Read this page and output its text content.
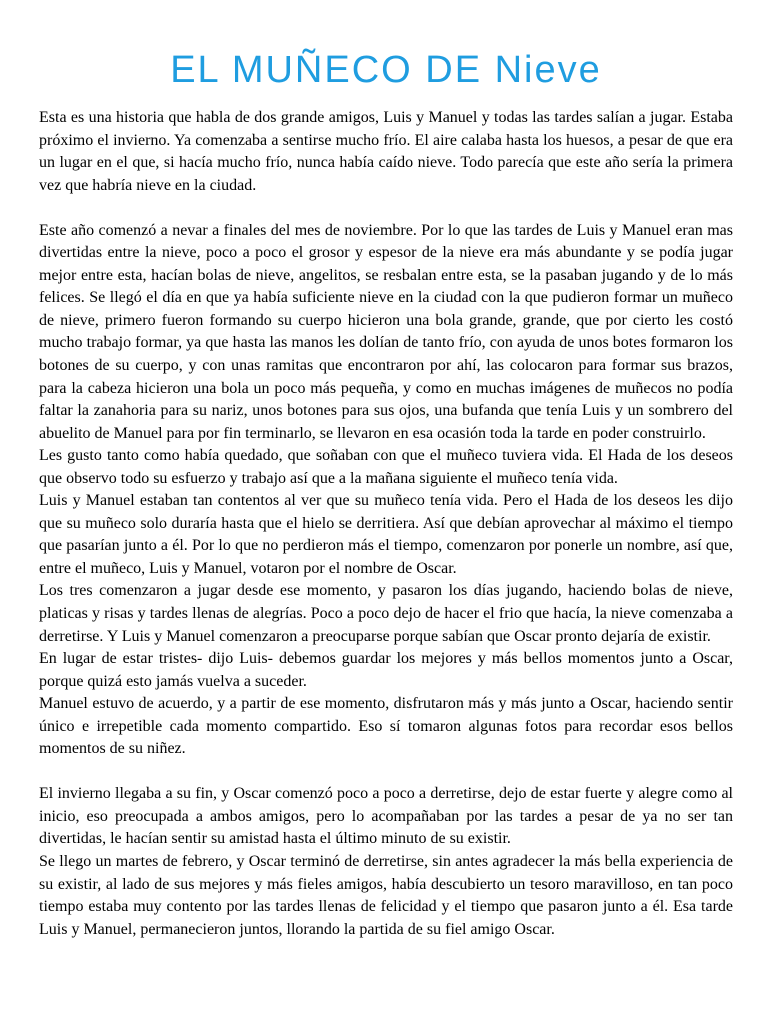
EL MUÑECO DE Nieve

Esta es una historia que habla de dos grande amigos, Luis y Manuel y todas las tardes salían a jugar. Estaba próximo el invierno. Ya comenzaba a sentirse mucho frío. El aire calaba hasta los huesos, a pesar de que era un lugar en el que, si hacía mucho frío, nunca había caído nieve. Todo parecía que este año sería la primera vez que habría nieve en la ciudad.

Este año comenzó a nevar a finales del mes de noviembre. Por lo que las tardes de Luis y Manuel eran mas divertidas entre la nieve, poco a poco el grosor y espesor de la nieve era más abundante y se podía jugar mejor entre esta, hacían bolas de nieve, angelitos, se resbalan entre esta, se la pasaban jugando y de lo más felices. Se llegó el día en que ya había suficiente nieve en la ciudad con la que pudieron formar un muñeco de nieve, primero fueron formando su cuerpo hicieron una bola grande, grande, que por cierto les costó mucho trabajo formar, ya que hasta las manos les dolían de tanto frío, con ayuda de unos botes formaron los botones de su cuerpo, y con unas ramitas que encontraron por ahí, las colocaron para formar sus brazos, para la cabeza hicieron una bola un poco más pequeña, y como en muchas imágenes de muñecos no podía faltar la zanahoria para su nariz, unos botones para sus ojos, una bufanda que tenía Luis y un sombrero del abuelito de Manuel para por fin terminarlo, se llevaron en esa ocasión toda la tarde en poder construirlo.

Les gusto tanto como había quedado, que soñaban con que el muñeco tuviera vida. El Hada de los deseos que observo todo su esfuerzo y trabajo así que a la mañana siguiente el muñeco tenía vida.

Luis y Manuel estaban tan contentos al ver que su muñeco tenía vida. Pero el Hada de los deseos les dijo que su muñeco solo duraría hasta que el hielo se derritiera. Así que debían aprovechar al máximo el tiempo que pasarían junto a él. Por lo que no perdieron más el tiempo, comenzaron por ponerle un nombre, así que, entre el muñeco, Luis y Manuel, votaron por el nombre de Oscar.

Los tres comenzaron a jugar desde ese momento, y pasaron los días jugando, haciendo bolas de nieve, platicas y risas y tardes llenas de alegrías. Poco a poco dejo de hacer el frio que hacía, la nieve comenzaba a derretirse. Y Luis y Manuel comenzaron a preocuparse porque sabían que Oscar pronto dejaría de existir.

En lugar de estar tristes- dijo Luis- debemos guardar los mejores y más bellos momentos junto a Oscar, porque quizá esto jamás vuelva a suceder.

Manuel estuvo de acuerdo, y a partir de ese momento, disfrutaron más y más junto a Oscar, haciendo sentir único e irrepetible cada momento compartido. Eso sí tomaron algunas fotos para recordar esos bellos momentos de su niñez.

El invierno llegaba a su fin, y Oscar comenzó poco a poco a derretirse, dejo de estar fuerte y alegre como al inicio, eso preocupada a ambos amigos, pero lo acompañaban por las tardes a pesar de ya no ser tan divertidas, le hacían sentir su amistad hasta el último minuto de su existir.

Se llego un martes de febrero, y Oscar terminó de derretirse, sin antes agradecer la más bella experiencia de su existir, al lado de sus mejores y más fieles amigos, había descubierto un tesoro maravilloso, en tan poco tiempo estaba muy contento por las tardes llenas de felicidad y el tiempo que pasaron junto a él. Esa tarde Luis y Manuel, permanecieron juntos, llorando la partida de su fiel amigo Oscar.
